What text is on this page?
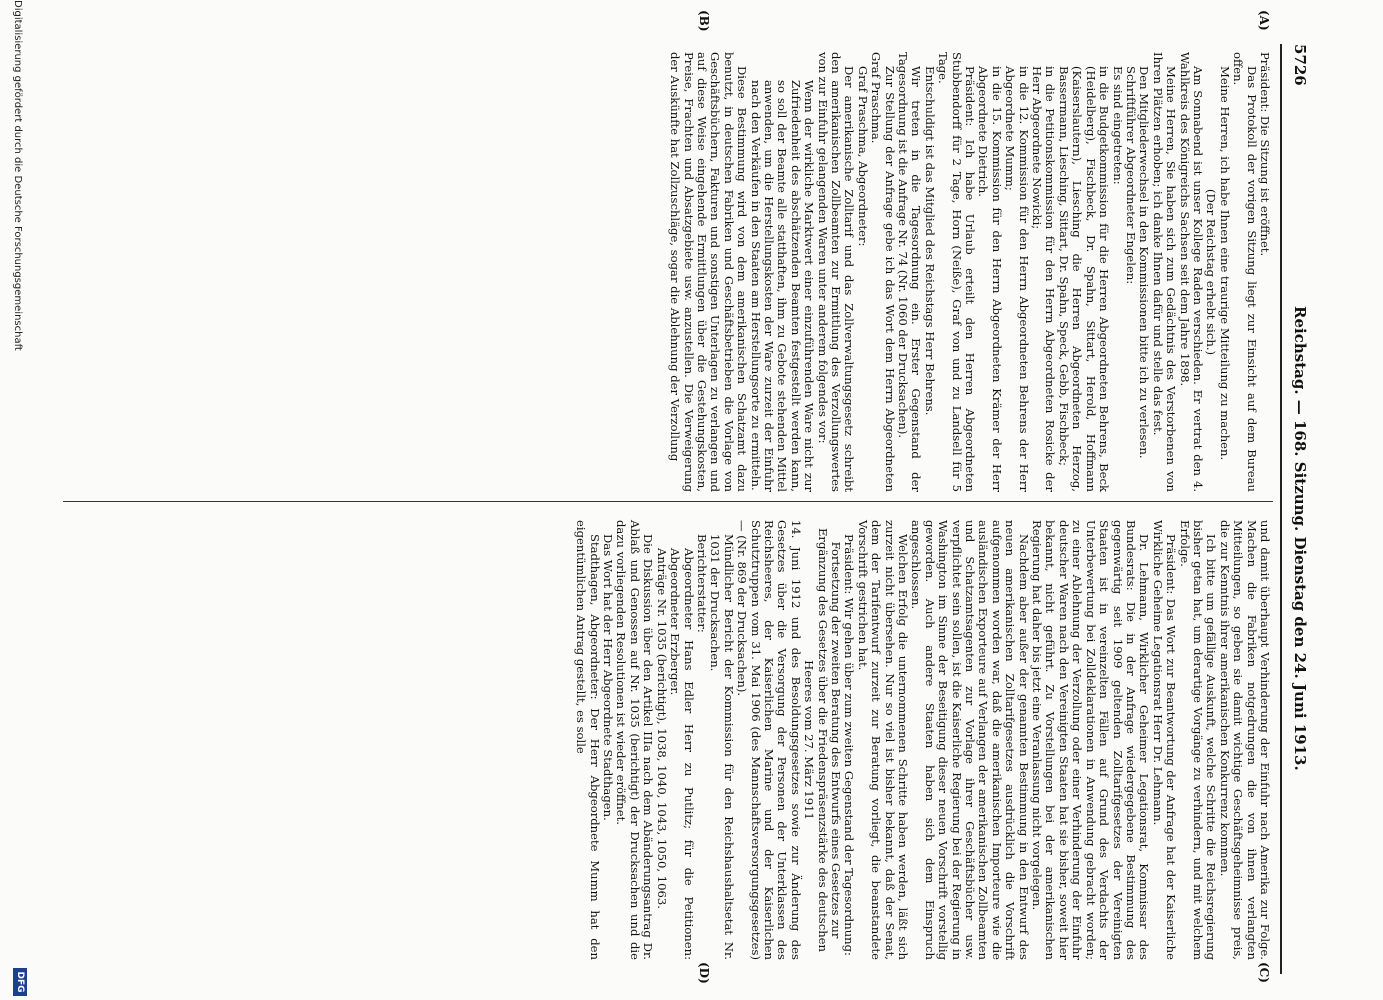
5726
Reichstag. — 168. Sitzung. Dienstag den 24. Juni 1913.
(A)
(B)
(C)
(D)

Präsident: Die Sitzung ist eröffnet.

Das Protokoll der vorigen Sitzung liegt zur Einsicht auf dem Bureau offen.

Meine Herren, ich habe Ihnen eine traurige Mitteilung zu machen.

(Der Reichstag erhebt sich.)

Am Sonnabend ist unser Kollege Raden verschieden. Er vertrat den 4. Wahlkreis des Königreichs Sachsen seit dem Jahre 1898.

Meine Herren, Sie haben sich zum Gedächtnis des Verstorbenen von Ihren Plätzen erhoben; ich danke Ihnen dafür und stelle das fest.

Den Mitgliederwechsel in den Kommissionen bitte ich zu verlesen.

Schriftführer Abgeordneter Engelen:

Es sind eingetreten:

in die Budgetkommission für die Herren Abgeordneten Behrens, Beck (Heidelberg), Fischbeck, Dr. Spahn, Sittart, Herold, Hoffmann (Kaiserslautern), Liesching die Herren Abgeordneten Herzog, Bassermann, Liesching, Sittart, Dr. Spahn, Speck, Gebb, Fischbeck;

in die Petitionskommission für den Herrn Abgeordneten Rosicke der Herr Abgeordnete Nowicki;

in die 12. Kommission für den Herrn Abgeordneten Behrens der Herr Abgeordnete Mumm;

in die 15. Kommission für den Herrn Abgeordneten Krämer der Herr Abgeordnete Dietrich.

Präsident: Ich habe Urlaub erteilt den Herren Abgeordneten Stubbendorff für 2 Tage, Horn (Neiße), Graf von und zu Landsell für 5 Tage.

Entschuldigt ist das Mitglied des Reichstags Herr Behrens.

Wir treten in die Tagesordnung ein. Erster Gegenstand der Tagesordnung ist die Anfrage Nr. 74 (Nr. 1060 der Drucksachen).

Zur Stellung der Anfrage gebe ich das Wort dem Herrn Abgeordneten Graf Praschma.

Graf Praschma, Abgeordneter:

Der amerikanische Zolltarif und das Zollverwaltungsgesetz schreibt den amerikanischen Zollbeamten zur Ermittlung des Verzollungswertes von zur Einfuhr gelangenden Waren unter anderem folgendes vor:

Wenn der wirkliche Marktwert einer einzuführenden Ware nicht zur Zufriedenheit des abschätzenden Beamten festgestellt werden kann, so soll der Beamte alle statthaften, ihm zu Gebote stehenden Mittel anwenden, um die Herstellungskosten der Ware zurzeit der Einfuhr nach den Verkäufen in den Staaten am Herstellungsorte zu ermitteln.

Diese Bestimmung wird von dem amerikanischen Schatzamt dazu benutzt, in deutschen Fabriken und Geschäftsbetrieben die Vorlage von Geschäftsbüchern, Fakturen und sonstigen Unterlagen zu verlangen und auf diese Weise eingehende Ermittlungen über die Gestehungskosten, Preise, Frachten und Absatzgebiete usw. anzustellen. Die Verweigerung der Auskünfte hat Zollzuschläge, sogar die Ablehnung der Verzollung

und damit überhaupt Verhinderung der Einfuhr nach Amerika zur Folge. Machen die Fabriken notgedrungen die von ihnen verlangten Mitteilungen, so geben sie damit wichtige Geschäftsgeheimnisse preis, die zur Kenntnis ihrer amerikanischen Konkurrenz kommen.

Ich bitte um gefällige Auskunft, welche Schritte die Reichsregierung bisher getan hat, um derartige Vorgänge zu verhindern, und mit welchem Erfolge.

Präsident: Das Wort zur Beantwortung der Anfrage hat der Kaiserliche Wirkliche Geheime Legationsrat Herr Dr. Lehmann.

Dr. Lehmann, Wirklicher Geheimer Legationsrat, Kommissar des Bundesrats: Die in der Anfrage wiedergegebene Bestimmung des gegenwärtig seit 1909 geltenden Zolltarifgesetzes der Vereinigten Staaten ist in vereinzelten Fällen auf Grund des Verdachts der Unterbewertung bei Zolldeklarationen in Anwendung gebracht worden; zu einer Ablehnung der Verzollung oder einer Verhinderung der Einfuhr deutscher Waren nach den Vereinigten Staaten hat sie bisher, soweit hier bekannt, nicht geführt. Zu Vorstellungen bei der amerikanischen Regierung hat daher bis jetzt eine Veranlassung nicht vorgelegen.

Nachdem aber außer der genannten Bestimmung in den Entwurf des neuen amerikanischen Zolltarifgesetzes ausdrücklich die Vorschrift aufgenommen worden war, daß die amerikanischen Importeure wie die ausländischen Exporteure auf Verlangen der amerikanischen Zollbeamten und Schatzamtsagenten zur Vorlage ihrer Geschäftsbücher usw. verpflichtet sein sollen, ist die Kaiserliche Regierung bei der Regierung in Washington im Sinne der Beseitigung dieser neuen Vorschrift vorstellig geworden. Auch andere Staaten haben sich dem Einspruch angeschlossen.

Welchen Erfolg die unternommenen Schritte haben werden, läßt sich zurzeit nicht übersehen. Nur so viel ist bisher bekannt, daß der Senat, dem der Tarifentwurf zurzeit zur Beratung vorliegt, die beanstandete Vorschrift gestrichen hat.

Präsident: Wir gehen über zum zweiten Gegenstand der Tagesordnung:

Fortsetzung der zweiten Beratung des Entwurfs eines Gesetzes zur Ergänzung des Gesetzes über die Friedenspräsenzstärke des deutschen Heeres vom 27. März 1911

14. Juni 1912 und des Besoldungsgesetzes sowie zur Änderung des Gesetzes über die Versorgung der Personen der Unterklassen des Reichsheeres, der Kaiserlichen Marine und der Kaiserlichen Schutztruppen vom 31. Mai 1906 (des Mannschaftsversorgungsgesetzes) — (Nr. 869 der Drucksachen).

Mündlicher Bericht der Kommission für den Reichshaushaltsetat Nr. 1031 der Drucksachen.

Berichterstatter:

Abgeordneter Hans Edler Herr zu Putlitz; für die Petitionen: Abgeordneter Erzberger.

Anträge Nr. 1035 (berichtigt), 1038, 1040, 1043, 1050, 1063.

Die Diskussion über den Artikel IIIa nach dem Abänderungsantrag Dr. Ablaß und Genossen auf Nr. 1035 (berichtigt) der Drucksachen und die dazu vorliegenden Resolutionen ist wieder eröffnet.

Das Wort hat der Herr Abgeordnete Stadthagen.

Stadthagen, Abgeordneter: Der Herr Abgeordnete Mumm hat den eigentümlichen Antrag gestellt, es solle

Digitalisierung gefördert durch die Deutsche Forschungsgemeinschaft
DFG
